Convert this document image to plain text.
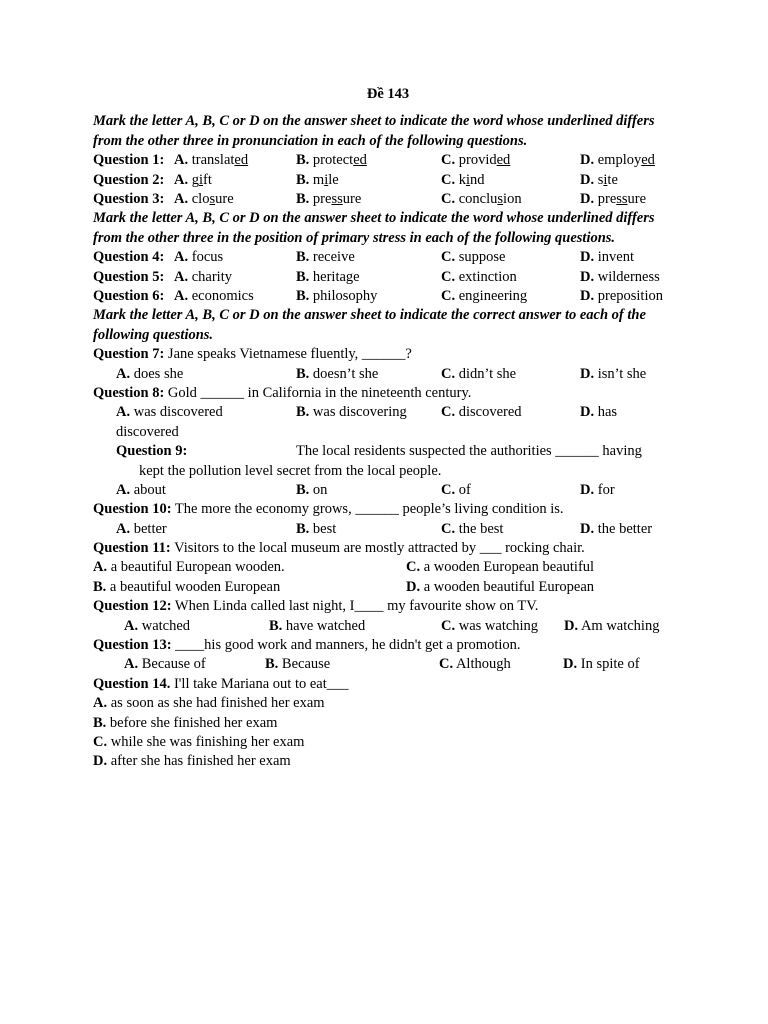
Đề 143
Mark the letter A, B, C or D on the answer sheet to indicate the word whose underlined differs from the other three in pronunciation in each of the following questions.
Question 1: A. translated	B. protected	C. provided	D. employed
Question 2: A. gift	B. mile	C. kind	D. site
Question 3: A. closure	B. pressure	C. conclusion	D. pressure
Mark the letter A, B, C or D on the answer sheet to indicate the word whose underlined differs from the other three in the position of primary stress in each of the following questions.
Question 4: A. focus	B. receive	C. suppose	D. invent
Question 5: A. charity	B. heritage	C. extinction	D. wilderness
Question 6: A. economics	B. philosophy	C. engineering	D. preposition
Mark the letter A, B, C or D on the answer sheet to indicate the correct answer to each of the following questions.
Question 7: Jane speaks Vietnamese fluently, ______?
A. does she	B. doesn’t she	C. didn’t she	D. isn’t she
Question 8: Gold ______ in California in the nineteenth century.
A. was discovered	B. was discovering C. discovered	D. has
discovered
Question 9:	The local residents suspected the authorities ______ having
kept the pollution level secret from the local people.
A. about	B. on	C. of	D. for
Question 10: The more the economy grows, ______ people’s living condition is.
A. better	B. best	C. the best	D. the better
Question 11: Visitors to the local museum are mostly attracted by ___ rocking chair.
A. a beautiful European wooden.	C. a wooden European beautiful
B. a beautiful wooden European	D. a wooden beautiful European
Question 12: When Linda called last night, I____ my favourite show on TV.
A. watched	B. have watched	C. was watching D. Am watching
Question 13: ____his good work and manners, he didn't get a promotion.
A. Because of	B. Because	C. Although	D. In spite of
Question 14. I'll take Mariana out to eat___
A. as soon as she had finished her exam
B. before she finished her exam
C. while she was finishing her exam
D. after she has finished her exam
